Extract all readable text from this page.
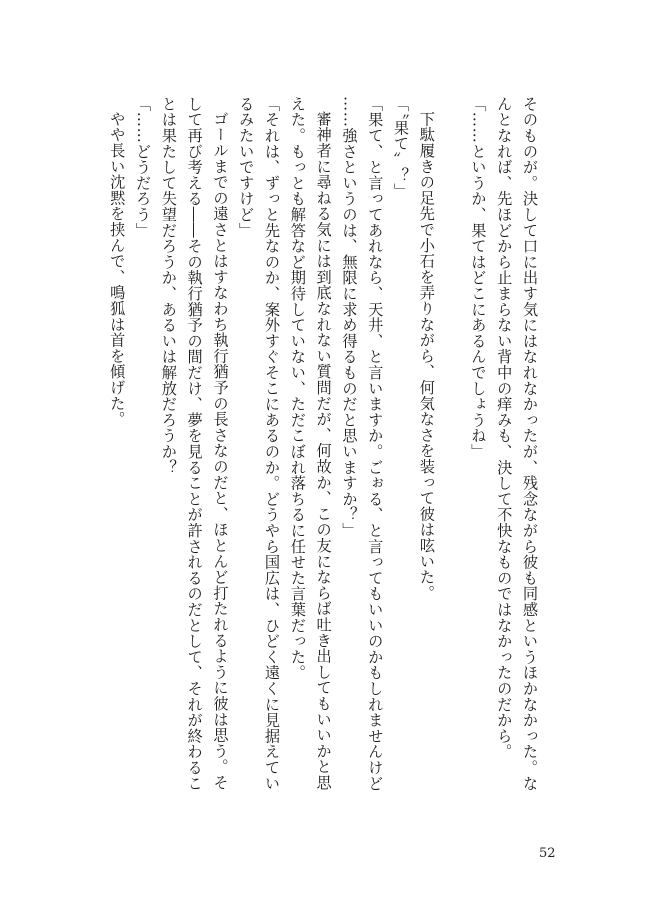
そのものが。決して口に出す気にはなれなかったが、残念ながら彼も同感というほかなかった。な

んとなれば、先ほどから止まらない背中の痒みも、決して不快なものではなかったのだから。

「……というか、果てはどこにあるんでしょうね」

下駄履きの足先で小石を弄りながら、何気なさを装って彼は呟いた。

「〝果て〟？」

「果て、と言ってあれなら、天井、と言いますか。ごぉる、と言ってもいいのかもしれませんけど

……強さというのは、無限に求め得るものだと思いますか？」

審神者に尋ねる気には到底なれない質問だが、何故か、この友にならば吐き出してもいいかと思

えた。もっとも解答など期待していない、ただこぼれ落ちるに任せた言葉だった。

「それは、ずっと先なのか、案外すぐそこにあるのか。どうやら国広は、ひどく遠くに見据えてい

るみたいですけど」

ゴールまでの遠さとはすなわち執行猶予の長さなのだと、ほとんど打たれるように彼は思う。そ

して再び考える――その執行猶予の間だけ、夢を見ることが許されるのだとして、それが終わるこ

とは果たして失望だろうか、あるいは解放だろうか？

「……どうだろう」

やや長い沈黙を挟んで、鳴狐は首を傾げた。

52
